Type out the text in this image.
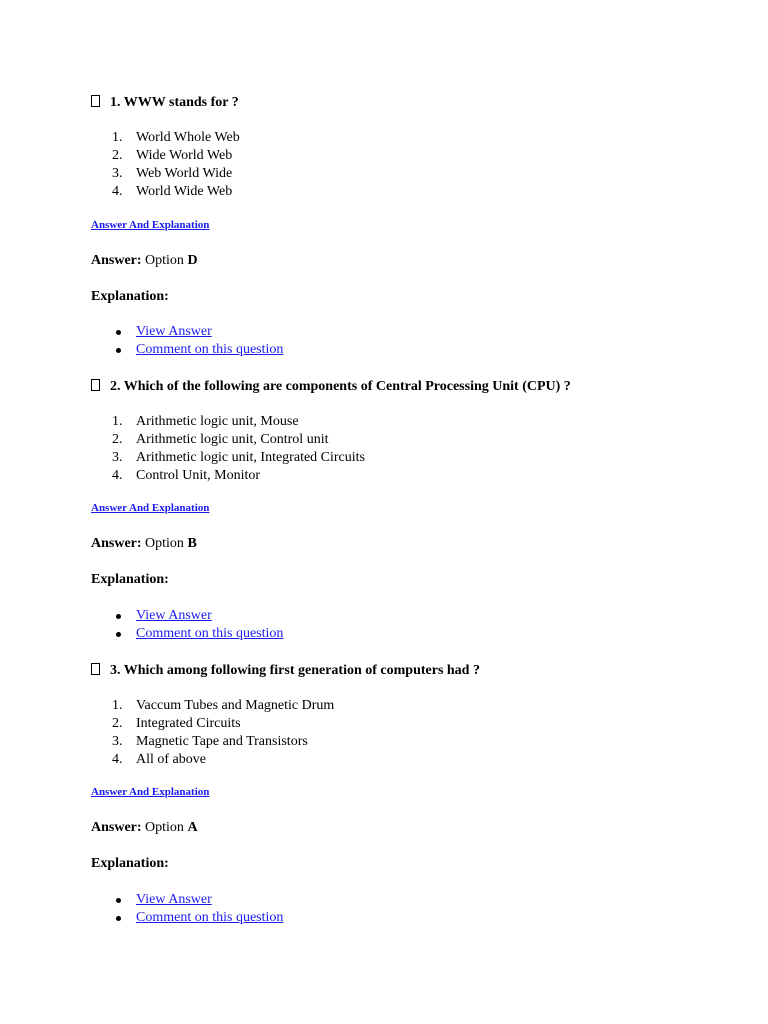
1. WWW stands for ?
1. World Whole Web
2. Wide World Web
3. Web World Wide
4. World Wide Web
Answer And Explanation
Answer: Option D
Explanation:
View Answer
Comment on this question
2. Which of the following are components of Central Processing Unit (CPU) ?
1. Arithmetic logic unit, Mouse
2. Arithmetic logic unit, Control unit
3. Arithmetic logic unit, Integrated Circuits
4. Control Unit, Monitor
Answer And Explanation
Answer: Option B
Explanation:
View Answer
Comment on this question
3. Which among following first generation of computers had ?
1. Vaccum Tubes and Magnetic Drum
2. Integrated Circuits
3. Magnetic Tape and Transistors
4. All of above
Answer And Explanation
Answer: Option A
Explanation:
View Answer
Comment on this question
